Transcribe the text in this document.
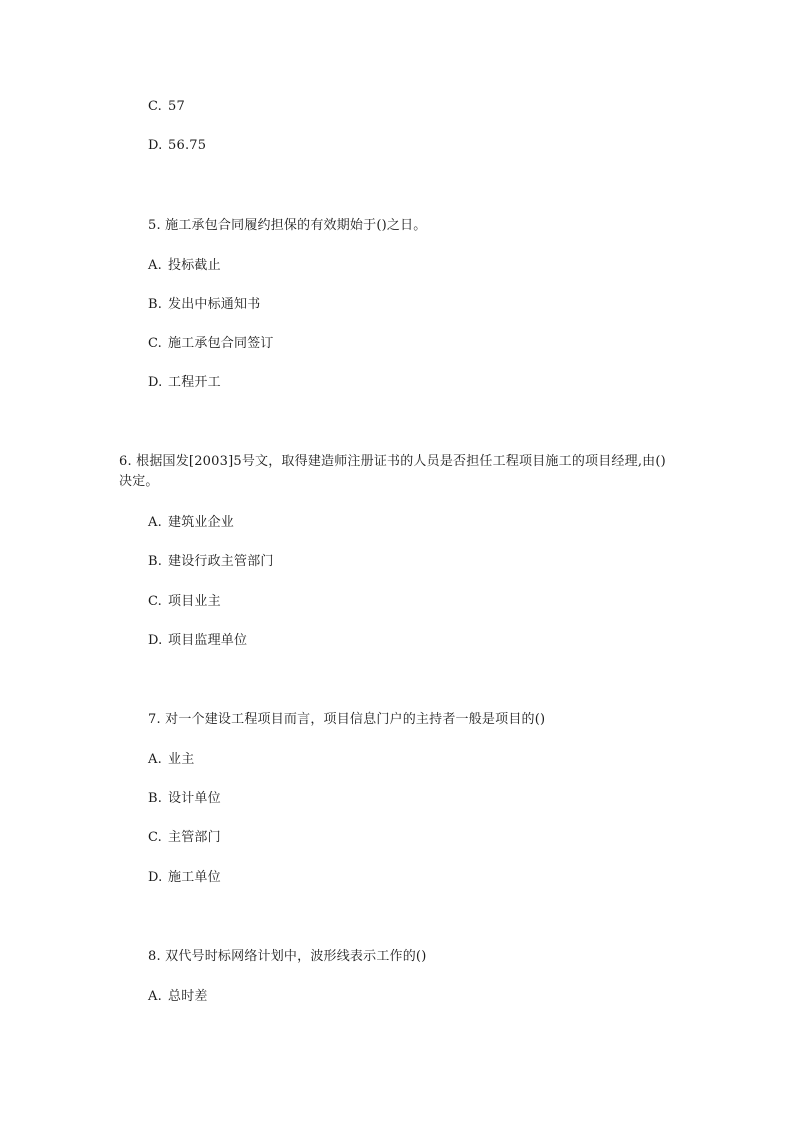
C. 57
D. 56.75
5. 施工承包合同履约担保的有效期始于()之日。
A. 投标截止
B. 发出中标通知书
C. 施工承包合同签订
D. 工程开工
6. 根据国发[2003]5号文，取得建造师注册证书的人员是否担任工程项目施工的项目经理,由()决定。
A. 建筑业企业
B. 建设行政主管部门
C. 项目业主
D. 项目监理单位
7. 对一个建设工程项目而言，项目信息门户的主持者一般是项目的()
A. 业主
B. 设计单位
C. 主管部门
D. 施工单位
8. 双代号时标网络计划中，波形线表示工作的()
A. 总时差
